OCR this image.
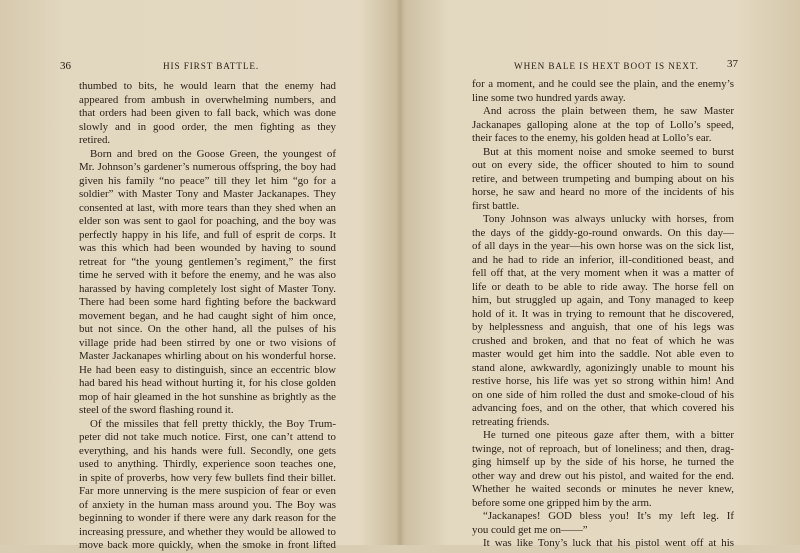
36	HIS FIRST BATTLE.
thumbed to bits, he would learn that the enemy had
appeared from ambush in overwhelming numbers, and
that orders had been given to fall back, which was done
slowly and in good order, the men fighting as they
retired.
Born and bred on the Goose Green, the youngest of
Mr. Johnson’s gardener’s numerous offspring, the boy had
given his family “no peace” till they let him “go for a
soldier” with Master Tony and Master Jackanapes. They
consented at last, with more tears than they shed when an
elder son was sent to gaol for poaching, and the boy was
perfectly happy in his life, and full of esprit de corps. It
was this which had been wounded by having to sound
retreat for “the young gentlemen’s regiment,” the first
time he served with it before the enemy, and he was also
harassed by having completely lost sight of Master Tony.
There had been some hard fighting before the backward
movement began, and he had caught sight of him once,
but not since. On the other hand, all the pulses of his
village pride had been stirred by one or two visions of
Master Jackanapes whirling about on his wonderful horse.
He had been easy to distinguish, since an eccentric blow
had bared his head without hurting it, for his close golden
mop of hair gleamed in the hot sunshine as brightly as the
steel of the sword flashing round it.
Of the missiles that fell pretty thickly, the Boy Trum-
peter did not take much notice. First, one can’t attend to
everything, and his hands were full. Secondly, one gets
used to anything. Thirdly, experience soon teaches one,
in spite of proverbs, how very few bullets find their billet.
Far more unnerving is the mere suspicion of fear or even
of anxiety in the human mass around you. The Boy was
beginning to wonder if there were any dark reason for the
increasing pressure, and whether they would be allowed to
move back more quickly, when the smoke in front lifted
WHEN BALE IS HEXT BOOT IS NEXT.	37
for a moment, and he could see the plain, and the enemy’s
line some two hundred yards away.
And across the plain between them, he saw Master
Jackanapes galloping alone at the top of Lollo’s speed,
their faces to the enemy, his golden head at Lollo’s ear.
But at this moment noise and smoke seemed to burst
out on every side, the officer shouted to him to sound
retire, and between trumpeting and bumping about on his
horse, he saw and heard no more of the incidents of his
first battle.
Tony Johnson was always unlucky with horses, from
the days of the giddy-go-round onwards. On this day—
of all days in the year—his own horse was on the sick list,
and he had to ride an inferior, ill-conditioned beast, and
fell off that, at the very moment when it was a matter of
life or death to be able to ride away. The horse fell on
him, but struggled up again, and Tony managed to keep
hold of it. It was in trying to remount that he discovered,
by helplessness and anguish, that one of his legs was
crushed and broken, and that no feat of which he was
master would get him into the saddle. Not able even to
stand alone, awkwardly, agonizingly unable to mount his
restive horse, his life was yet so strong within him! And
on one side of him rolled the dust and smoke-cloud of his
advancing foes, and on the other, that which covered his
retreating friends.
He turned one piteous gaze after them, with a bitter
twinge, not of reproach, but of loneliness; and then, drag-
ging himself up by the side of his horse, he turned the
other way and drew out his pistol, and waited for the end.
Whether he waited seconds or minutes he never knew,
before some one gripped him by the arm.
“Jackanapes! GOD bless you! It’s my left leg. If
you could get me on——”
It was like Tony’s luck that his pistol went off at his
